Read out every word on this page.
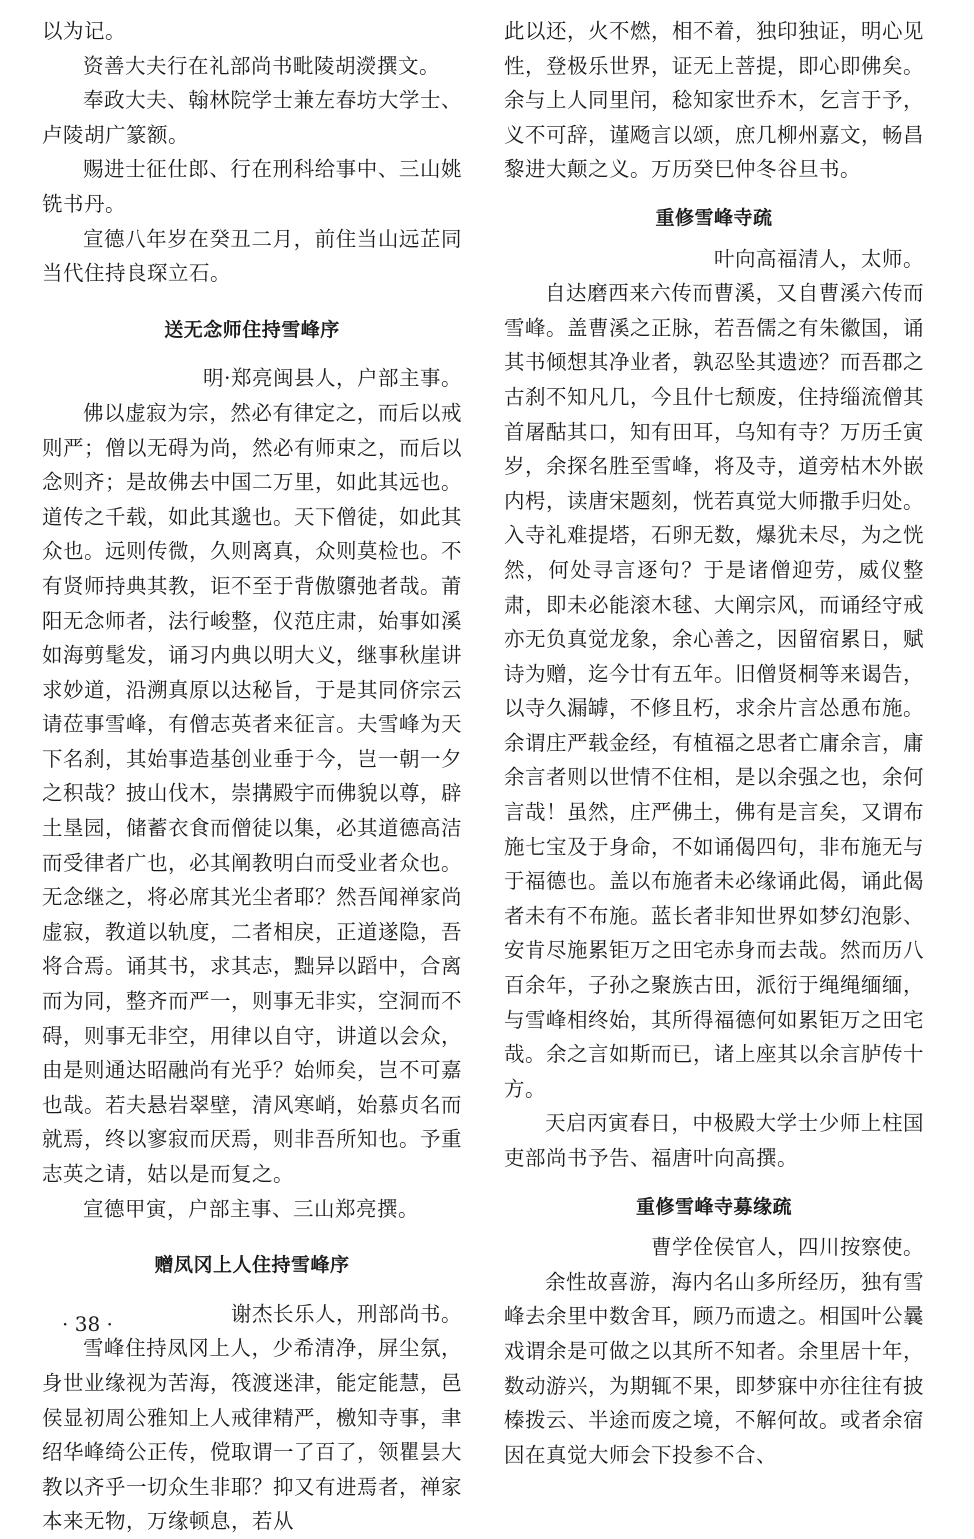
以为记。

资善大夫行在礼部尚书毗陵胡濙撰文。

奉政大夫、翰林院学士兼左春坊大学士、卢陵胡广篆额。

赐进士征仕郎、行在刑科给事中、三山姚铣书丹。

宣德八年岁在癸丑二月，前住当山远芷同当代住持良琛立石。

送无念师住持雪峰序

明·郑亮闽县人，户部主事。

佛以虚寂为宗，然必有律定之，而后以戒则严；僧以无碍为尚，然必有师束之，而后以念则齐；是故佛去中国二万里，如此其远也。道传之千载，如此其邈也。天下僧徒，如此其众也。远则传微，久则离真，众则莫检也。不有贤师持典其教，讵不至于背傲隳弛者哉。莆阳无念师者，法行峻整，仪范庄肃，始事如溪如海剪髦发，诵习内典以明大义，继事秋崖讲求妙道，沿溯真原以达秘旨，于是其同侪宗云请莅事雪峰，有僧志英者来征言。夫雪峰为天下名刹，其始事造基创业垂于今，岂一朝一夕之积哉？披山伐木，崇搆殿宇而佛貌以尊，辟土垦园，储蓄衣食而僧徒以集，必其道德高洁而受律者广也，必其阐教明白而受业者众也。无念继之，将必席其光尘者耶？然吾闻禅家尚虚寂，教道以轨度，二者相戾，正道遂隐，吾将合焉。诵其书，求其志，黜异以蹈中，合离而为同，整齐而严一，则事无非实，空洞而不碍，则事无非空，用律以自守，讲道以会众，由是则通达昭融尚有光乎？始师矣，岂不可嘉也哉。若夫悬岩翠壁，清风寒峭，始慕贞名而就焉，终以寥寂而厌焉，则非吾所知也。予重志英之请，姑以是而复之。

宣德甲寅，户部主事、三山郑亮撰。

赠凤冈上人住持雪峰序

谢杰长乐人，刑部尚书。

雪峰住持凤冈上人，少希清净，屏尘氛，身世业缘视为苦海，筏渡迷津，能定能慧，邑侯显初周公雅知上人戒律精严，檄知寺事，聿绍华峰绮公正传，傥取谓一了百了，领瞿昙大教以齐乎一切众生非耶？抑又有进焉者，禅家本来无物，万缘顿息，若从

此以还，火不燃，相不着，独印独证，明心见性，登极乐世界，证无上菩提，即心即佛矣。余与上人同里闬，稔知家世乔木，乞言于予，义不可辞，谨飏言以颂，庶几柳州嘉文，畅昌黎进大颠之义。万历癸巳仲冬谷旦书。

重修雪峰寺疏

叶向高福清人，太师。

自达磨西来六传而曹溪，又自曹溪六传而雪峰。盖曹溪之正脉，若吾儒之有朱徽国，诵其书倾想其净业者，孰忍坠其遗迹？而吾郡之古刹不知凡几，今且什七颓废，住持缁流僧其首屠酤其口，知有田耳，乌知有寺？万历壬寅岁，余探名胜至雪峰，将及寺，道旁枯木外嵌内枵，读唐宋题刻，恍若真觉大师撒手归处。入寺礼难提塔，石卵无数，爆犹未尽，为之恍然，何处寻言逐句？于是诸僧迎劳，威仪整肃，即未必能滚木毬、大阐宗风，而诵经守戒亦无负真觉龙象，余心善之，因留宿累日，赋诗为赠，迄今廿有五年。旧僧贤桐等来谒告，以寺久漏罅，不修且朽，求余片言怂恿布施。余谓庄严载金经，有植福之思者亡庸余言，庸余言者则以世情不住相，是以余强之也，余何言哉！虽然，庄严佛土，佛有是言矣，又谓布施七宝及于身命，不如诵偈四句，非布施无与于福德也。盖以布施者未必缘诵此偈，诵此偈者未有不布施。蓝长者非知世界如梦幻泡影、安肯尽施累钜万之田宅赤身而去哉。然而历八百余年，子孙之聚族古田，派衍于绳绳缅缅，与雪峰相终始，其所得福德何如累钜万之田宅哉。余之言如斯而已，诸上座其以余言胪传十方。

天启丙寅春日，中极殿大学士少师上柱国吏部尚书予告、福唐叶向高撰。

重修雪峰寺募缘疏

曹学佺侯官人，四川按察使。

余性故喜游，海内名山多所经历，独有雪峰去余里中数舍耳，顾乃而遗之。相国叶公曩戏谓余是可做之以其所不知者。余里居十年，数动游兴，为期辄不果，即梦寐中亦往往有披榛拨云、半途而废之境，不解何故。或者余宿因在真觉大师会下投参不合、

· 38 ·
